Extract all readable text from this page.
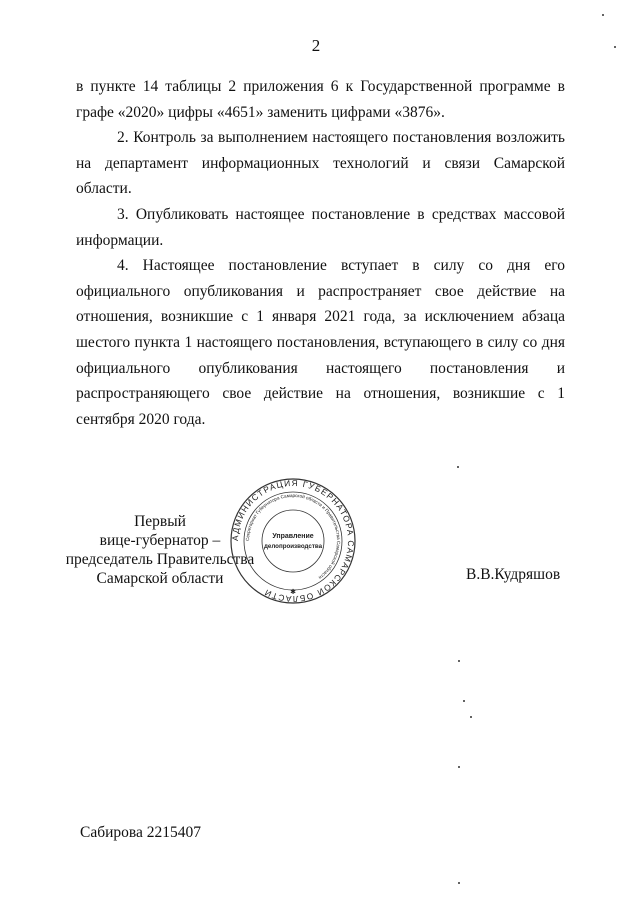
2

в пункте 14 таблицы 2 приложения 6 к Государственной программе в графе «2020» цифры «4651» заменить цифрами «3876».

2. Контроль за выполнением настоящего постановления возложить на департамент информационных технологий и связи Самарской области.

3. Опубликовать настоящее постановление в средствах массовой информации.

4. Настоящее постановление вступает в силу со дня его официального опубликования и распространяет свое действие на отношения, возникшие с 1 января 2021 года, за исключением абзаца шестого пункта 1 настоящего постановления, вступающего в силу со дня официального опубликования настоящего постановления и распространяющего свое действие на отношения, возникшие с 1 сентября 2020 года.

Первый
вице-губернатор –
председатель Правительства
Самарской области
АДМИНИСТРАЦИЯ ГУБЕРНАТОРА САМАРСКОЙ ОБЛАСТИ
Секретариат Губернатора Самарской области и Правительства Самарской области
Управление
делопроизводства
✱
В.В.Кудряшов
Сабирова 2215407
